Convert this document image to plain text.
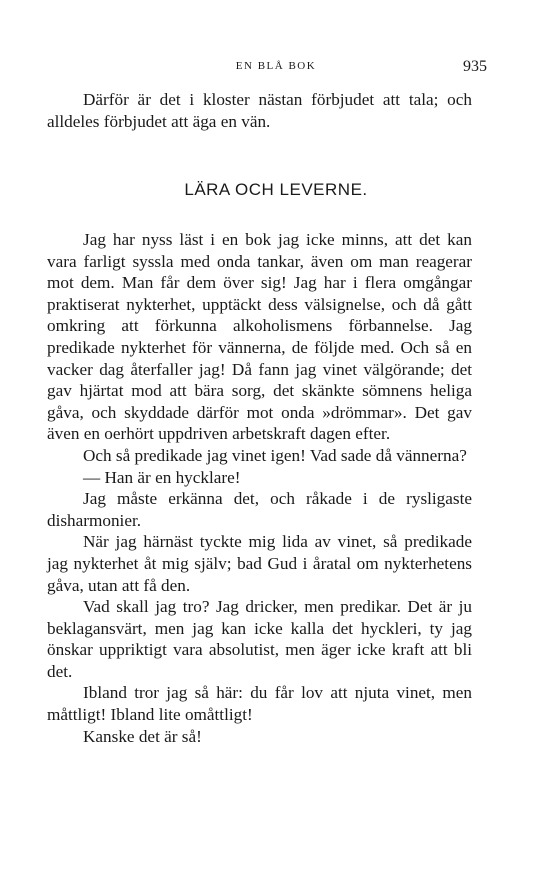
EN BLÅ BOK	935

Därför är det i kloster nästan förbjudet att tala; och alldeles förbjudet att äga en vän.

LÄRA OCH LEVERNE.

Jag har nyss läst i en bok jag icke minns, att det kan vara farligt syssla med onda tankar, även om man reagerar mot dem. Man får dem över sig! Jag har i flera omgångar praktiserat nykterhet, upptäckt dess välsignelse, och då gått omkring att förkunna alkoholismens förbannelse. Jag predikade nykterhet för vännerna, de följde med. Och så en vacker dag återfaller jag! Då fann jag vinet välgörande; det gav hjärtat mod att bära sorg, det skänkte sömnens heliga gåva, och skyddade därför mot onda »drömmar». Det gav även en oerhört uppdriven arbetskraft dagen efter.

Och så predikade jag vinet igen! Vad sade då vännerna?

— Han är en hycklare!

Jag måste erkänna det, och råkade i de rysligaste disharmonier.

När jag härnäst tyckte mig lida av vinet, så predikade jag nykterhet åt mig själv; bad Gud i åratal om nykterhetens gåva, utan att få den.

Vad skall jag tro? Jag dricker, men predikar. Det är ju beklagansvärt, men jag kan icke kalla det hyckleri, ty jag önskar uppriktigt vara absolutist, men äger icke kraft att bli det.

Ibland tror jag så här: du får lov att njuta vinet, men måttligt! Ibland lite omåttligt!

Kanske det är så!
